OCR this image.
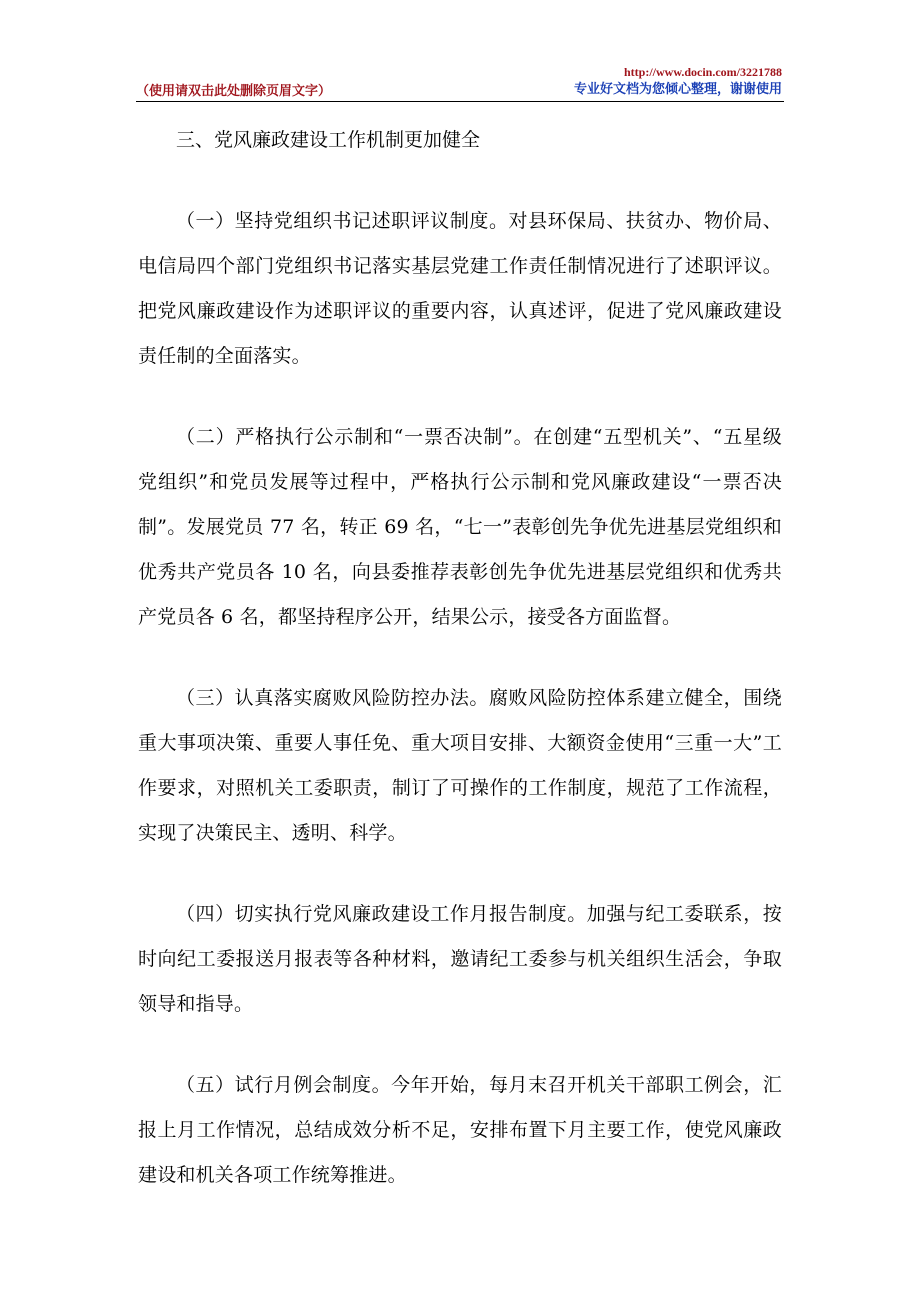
（使用请双击此处删除页眉文字）
http://www.docin.com/3221788
专业好文档为您倾心整理，谢谢使用

三、党风廉政建设工作机制更加健全

（一）坚持党组织书记述职评议制度。对县环保局、扶贫办、物价局、电信局四个部门党组织书记落实基层党建工作责任制情况进行了述职评议。把党风廉政建设作为述职评议的重要内容，认真述评，促进了党风廉政建设责任制的全面落实。

（二）严格执行公示制和“一票否决制”。在创建“五型机关”、“五星级党组织”和党员发展等过程中，严格执行公示制和党风廉政建设“一票否决制”。发展党员 77 名，转正 69 名，“七一”表彰创先争优先进基层党组织和优秀共产党员各 10 名，向县委推荐表彰创先争优先进基层党组织和优秀共产党员各 6 名，都坚持程序公开，结果公示，接受各方面监督。

（三）认真落实腐败风险防控办法。腐败风险防控体系建立健全，围绕重大事项决策、重要人事任免、重大项目安排、大额资金使用“三重一大”工作要求，对照机关工委职责，制订了可操作的工作制度，规范了工作流程，实现了决策民主、透明、科学。

（四）切实执行党风廉政建设工作月报告制度。加强与纪工委联系，按时向纪工委报送月报表等各种材料，邀请纪工委参与机关组织生活会，争取领导和指导。

（五）试行月例会制度。今年开始，每月末召开机关干部职工例会，汇报上月工作情况，总结成效分析不足，安排布置下月主要工作，使党风廉政建设和机关各项工作统筹推进。
